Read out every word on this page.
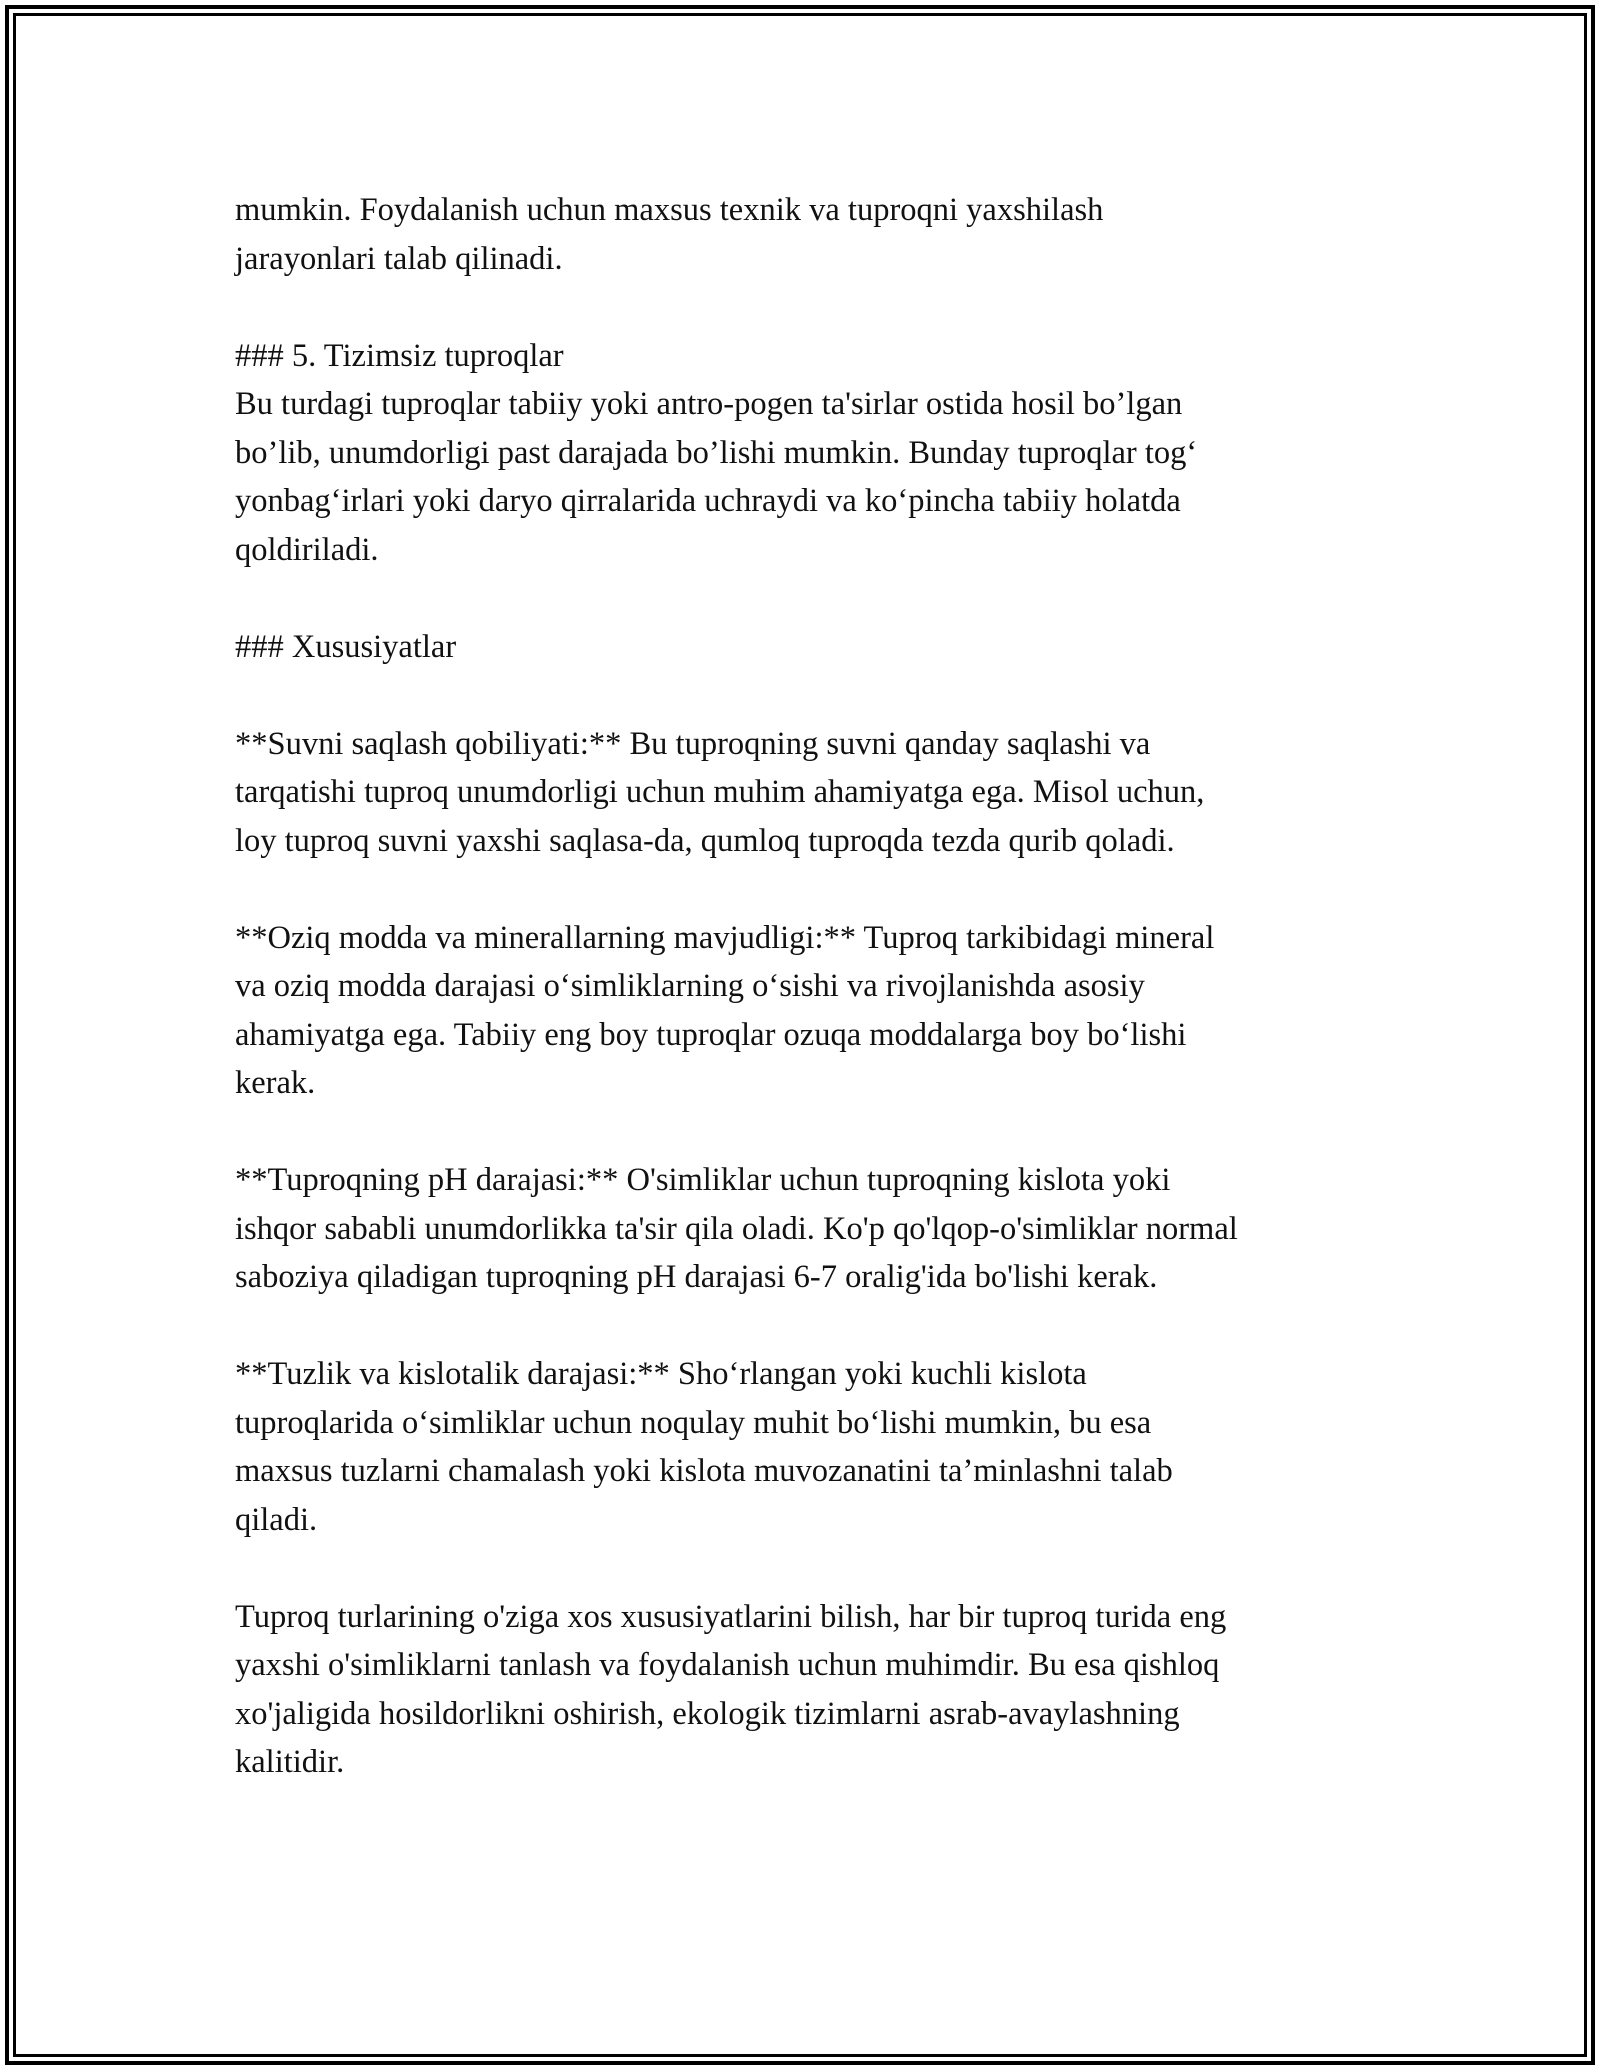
mumkin. Foydalanish uchun maxsus texnik va tuproqni yaxshilash
jarayonlari talab qilinadi.

### 5. Tizimsiz tuproqlar

Bu turdagi tuproqlar tabiiy yoki antro-pogen ta'sirlar ostida hosil bo’lgan
bo’lib, unumdorligi past darajada bo’lishi mumkin. Bunday tuproqlar tog‘
yonbag‘irlari yoki daryo qirralarida uchraydi va ko‘pincha tabiiy holatda
qoldiriladi.

### Xususiyatlar

**Suvni saqlash qobiliyati:** Bu tuproqning suvni qanday saqlashi va
tarqatishi tuproq unumdorligi uchun muhim ahamiyatga ega. Misol uchun,
loy tuproq suvni yaxshi saqlasa-da, qumloq tuproqda tezda qurib qoladi.

**Oziq modda va minerallarning mavjudligi:** Tuproq tarkibidagi mineral
va oziq modda darajasi o‘simliklarning o‘sishi va rivojlanishda asosiy
ahamiyatga ega. Tabiiy eng boy tuproqlar ozuqa moddalarga boy bo‘lishi
kerak.

**Tuproqning pH darajasi:** O'simliklar uchun tuproqning kislota yoki
ishqor sababli unumdorlikka ta'sir qila oladi. Ko'p qo'lqop-o'simliklar normal
saboziya qiladigan tuproqning pH darajasi 6-7 oralig'ida bo'lishi kerak.

**Tuzlik va kislotalik darajasi:** Sho‘rlangan yoki kuchli kislota
tuproqlarida o‘simliklar uchun noqulay muhit bo‘lishi mumkin, bu esa
maxsus tuzlarni chamalash yoki kislota muvozanatini ta’minlashni talab
qiladi.

Tuproq turlarining o'ziga xos xususiyatlarini bilish, har bir tuproq turida eng
yaxshi o'simliklarni tanlash va foydalanish uchun muhimdir. Bu esa qishloq
xo'jaligida hosildorlikni oshirish, ekologik tizimlarni asrab-avaylashning
kalitidir.
